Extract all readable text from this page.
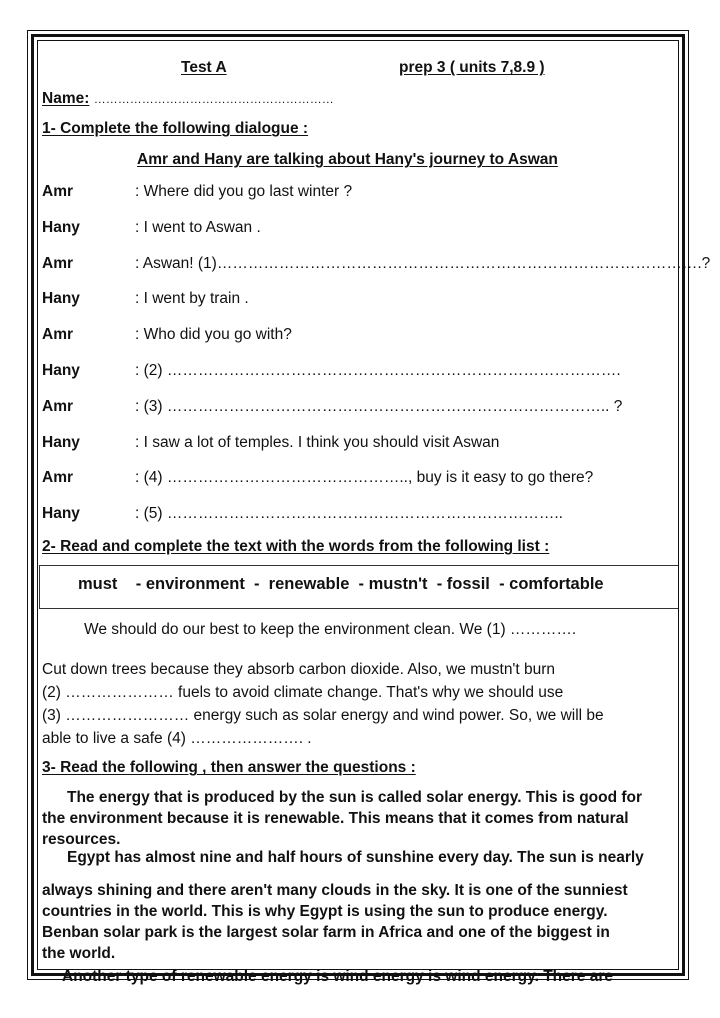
Test A	prep 3 ( units 7,8.9 )
Name: ……………………………………………………
1- Complete the following dialogue :
Amr and Hany are talking about Hany's journey to Aswan
Amr	: Where did you go last winter ?
Hany	: I went to Aswan .
Amr	: Aswan! (1)………………………………………………………………………………….?
Hany	: I went by train .
Amr	: Who did you go with?
Hany	: (2) …………………………………………………………………………….
Amr	: (3) ………………………………………………………………………….. ?
Hany	: I saw a lot of temples. I think you should visit Aswan
Amr	: (4) ……………………………………….., buy is it easy to go there?
Hany	: (5) …………………………………………………………………..
2- Read and complete the text with the words from the following list :
must    - environment  -  renewable  - mustn't  - fossil  - comfortable
We should do our best to keep the environment clean. We (1) ………….
Cut down trees because they absorb carbon dioxide. Also, we mustn't burn
(2) ………………… fuels to avoid climate change. That's why we should use
(3) …………………… energy such as solar energy and wind power. So, we will be
able to live a safe (4) …………………. .
3- Read the following , then answer the questions :
The energy that is produced by the sun is called solar energy. This is good for
the environment because it is renewable. This means that it comes from natural
resources.
Egypt has almost nine and half hours of sunshine every day. The sun is nearly
always shining and there aren't many clouds in the sky. It is one of the sunniest
countries in the world. This is why Egypt is using the sun to produce energy.
Benban solar park is the largest solar farm in Africa and one of the biggest in
the world.
Another type of renewable energy is wind energy is wind energy. There are
